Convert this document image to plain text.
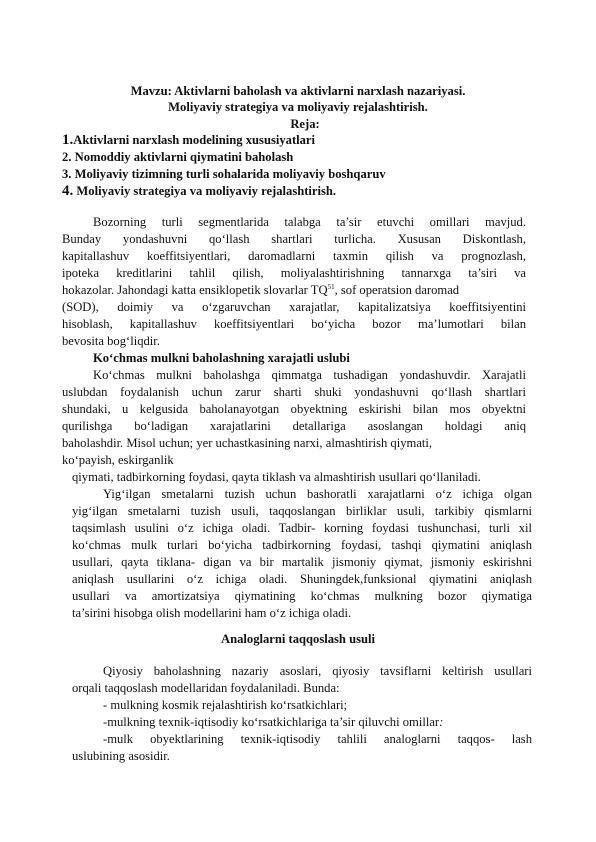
Mavzu: Aktivlarni baholash va aktivlarni narxlash nazariyasi.
Moliyaviy strategiya va moliyaviy rejalashtirish.
Reja:
1.Aktivlarni narxlash modelining xususiyatlari
2. Nomoddiy aktivlarni qiymatini baholash
3. Moliyaviy tizimning turli sohalarida moliyaviy boshqaruv
4. Moliyaviy strategiya va moliyaviy rejalashtirish.
Bozorning turli segmentlarida talabga ta’sir etuvchi omillari mavjud.
Bunday yondashuvni qo‘llash shartlari turlicha. Xususan Diskontlash,
kapitallashuv koeffitsiyentlari, daromadlarni taxmin qilish va prognozlash,
ipoteka kreditlarini tahlil qilish, moliyalashtirishning tannarxga ta’siri va
hokazolar. Jahondagi katta ensiklopetik slovarlar TQ$^{51}$, sof operatsion daromad
(SOD), doimiy va o‘zgaruvchan xarajatlar, kapitalizatsiya koeffitsiyentini
hisoblash, kapitallashuv koeffitsiyentlari bo‘yicha bozor ma’lumotlari bilan
bevosita bog‘liqdir.
Ko‘chmas mulkni baholashning xarajatli uslubi
Ko‘chmas mulkni baholashga qimmatga tushadigan yondashuvdir. Xarajatli
uslubdan foydalanish uchun zarur sharti shuki yondashuvni qo‘llash shartlari
shundaki, u kelgusida baholanayotgan obyektning eskirishi bilan mos obyektni
qurilishga bo‘ladigan xarajatlarini detallariga asoslangan holdagi aniq
baholashdir. Misol uchun; yer uchastkasining narxi, almashtirish qiymati,
ko‘payish, eskirganlik
qiymati, tadbirkorning foydasi, qayta tiklash va almashtirish usullari qo‘llaniladi.
Yig‘ilgan smetalarni tuzish uchun bashoratli xarajatlarni o‘z ichiga olgan
yig‘ilgan smetalarni tuzish usuli, taqqoslangan birliklar usuli, tarkibiy qismlarni
taqsimlash usulini o‘z ichiga oladi. Tadbir- korning foydasi tushunchasi, turli xil
ko‘chmas mulk turlari bo‘yicha tadbirkorning foydasi, tashqi qiymatini aniqlash
usullari, qayta tiklana- digan va bir martalik jismoniy qiymat, jismoniy eskirishni
aniqlash usullarini o‘z ichiga oladi. Shuningdek,funksional qiymatini aniqlash
usullari va amortizatsiya qiymatining ko‘chmas mulkning bozor qiymatiga
ta’sirini hisobga olish modellarini ham o‘z ichiga oladi.
Analoglarni taqqoslash usuli
Qiyosiy baholashning nazariy asoslari, qiyosiy tavsiflarni keltirish usullari
orqali taqqoslash modellaridan foydalaniladi. Bunda:
- mulkning kosmik rejalashtirish ko‘rsatkichlari;
-mulkning texnik-iqtisodiy ko‘rsatkichlariga ta’sir qiluvchi omillar:
-mulk obyektlarining texnik-iqtisodiy tahlili analoglarni taqqos- lash
uslubining asosidir.
